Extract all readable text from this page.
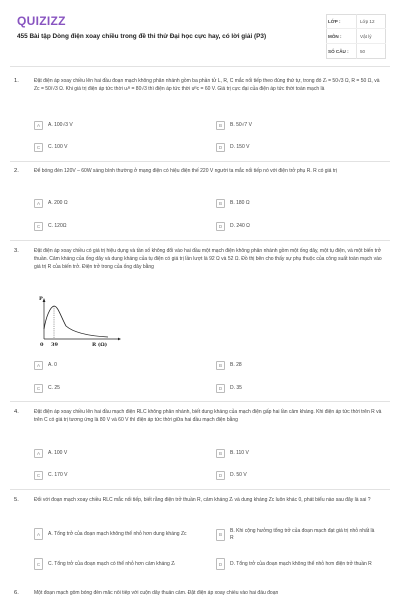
QUIZIZZ
455 Bài tập Dòng điện xoay chiều trong đề thi thử Đại học cực hay, có lời giải (P3)
LỚP :	Lớp 12
MÔN :	Vật lý
SỐ CÂU :	50
1.	Đặt điện áp xoay chiều lên hai đầu đoạn mạch không phân nhánh gồm ba phần tử L, R, C mắc nối tiếp theo đúng thứ tự, trong đó Zₗ = 50√3 Ω, R = 50 Ω, và Zᴄ = 50/√3 Ω. Khi giá trị điện áp tức thời uₗᴿ = 80√3 thì điện áp tức thời uᴿᴄ = 60 V. Giá trị cực đại của điện áp tức thời toàn mạch là
A	A. 100√3 V	B	B. 50√7 V
C	C. 100 V	D	D. 150 V
2.	Để bóng đèn 120V – 60W sáng bình thường ở mạng điện có hiệu điện thế 220 V người ta mắc nối tiếp nó với điện trở phụ R. R có giá trị
A	A. 200 Ω	B	B. 180 Ω
C	C. 120Ω	D	D. 240 Ω
3.	Đặt điện áp xoay chiều có giá trị hiệu dụng và tần số không đổi vào hai đầu một mạch điện không phân nhánh gồm một ống dây, một tụ điện, và một biến trở thuần. Cảm kháng của ống dây và dung kháng của tụ điện có giá trị lần lượt là 92 Ω và 52 Ω. Đồ thị bên cho thấy sự phụ thuộc của công suất toàn mạch vào giá trị R của biến trở. Điện trở trong của ống dây bằng
P
0 39	R (Ω)
A	A. 0	B	B. 28
C	C. 25	D	D. 35
4.	Đặt điện áp xoay chiều lên hai đầu mạch điện RLC không phân nhánh, biết dung kháng của mạch điện gấp hai lần cảm kháng. Khi điện áp tức thời trên R và trên C có giá trị tương ứng là 80 V và 60 V thì điện áp tức thời giữa hai đầu mạch điện bằng
A	A. 100 V	B	B. 110 V
C	C. 170 V	D	D. 50 V
5.	Đối với đoạn mạch xoay chiều RLC mắc nối tiếp, biết rằng điện trở thuần R, cảm kháng Zₗ và dung kháng Zᴄ luôn khác 0, phát biểu nào sau đây là sai ?
A	A. Tổng trở của đoạn mạch không thể nhỏ hơn dung kháng Zᴄ	B
B. Khi cộng hưởng tổng trở của đoạn mạch đạt giá trị nhỏ nhất là R
C	C. Tổng trở của đoạn mạch có thể nhỏ hơn cảm kháng Zₗ	D	D. Tổng trở của đoạn mạch không thể nhỏ hơn điện trở thuần R
6.	Một đoạn mạch gồm bóng đèn mắc nối tiếp với cuộn dây thuần cảm. Đặt điện áp xoay chiều vào hai đầu đoạn
